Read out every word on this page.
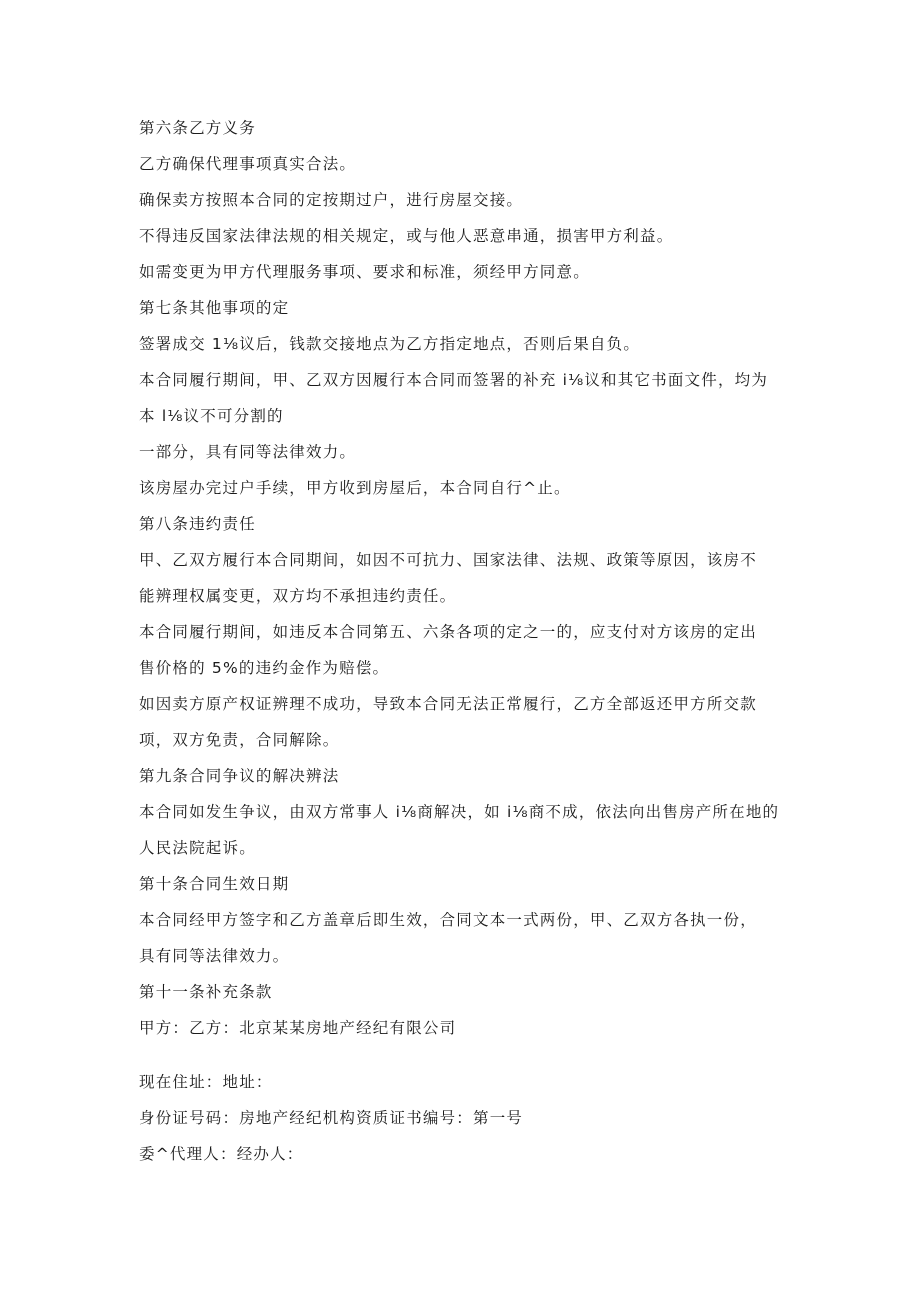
第六条乙方义务
乙方确保代理事项真实合法。
确保卖方按照本合同的定按期过户，进行房屋交接。
不得违反国家法律法规的相关规定，或与他人恶意串通，损害甲方利益。
如需变更为甲方代理服务事项、要求和标准，须经甲方同意。
第七条其他事项的定
签署成交 1⅛议后，钱款交接地点为乙方指定地点，否则后果自负。
本合同履行期间，甲、乙双方因履行本合同而签署的补充 i⅛议和其它书面文件，均为
本 l⅛议不可分割的
一部分，具有同等法律效力。
该房屋办完过户手续，甲方收到房屋后，本合同自行^止。
第八条违约责任
甲、乙双方履行本合同期间，如因不可抗力、国家法律、法规、政策等原因，该房不
能辨理权属变更，双方均不承担违约责任。
本合同履行期间，如违反本合同第五、六条各项的定之一的，应支付对方该房的定出
售价格的 5%的违约金作为赔偿。
如因卖方原产权证辨理不成功，导致本合同无法正常履行，乙方全部返还甲方所交款
项，双方免责，合同解除。
第九条合同争议的解决辨法
本合同如发生争议，由双方常事人 i⅛商解决，如 i⅛商不成，依法向出售房产所在地的
人民法院起诉。
第十条合同生效日期
本合同经甲方签字和乙方盖章后即生效，合同文本一式两份，甲、乙双方各执一份，
具有同等法律效力。
第十一条补充条款
甲方：乙方：北京某某房地产经纪有限公司
现在住址：地址：
身份证号码：房地产经纪机构资质证书编号：第一号
委^代理人：经办人：
